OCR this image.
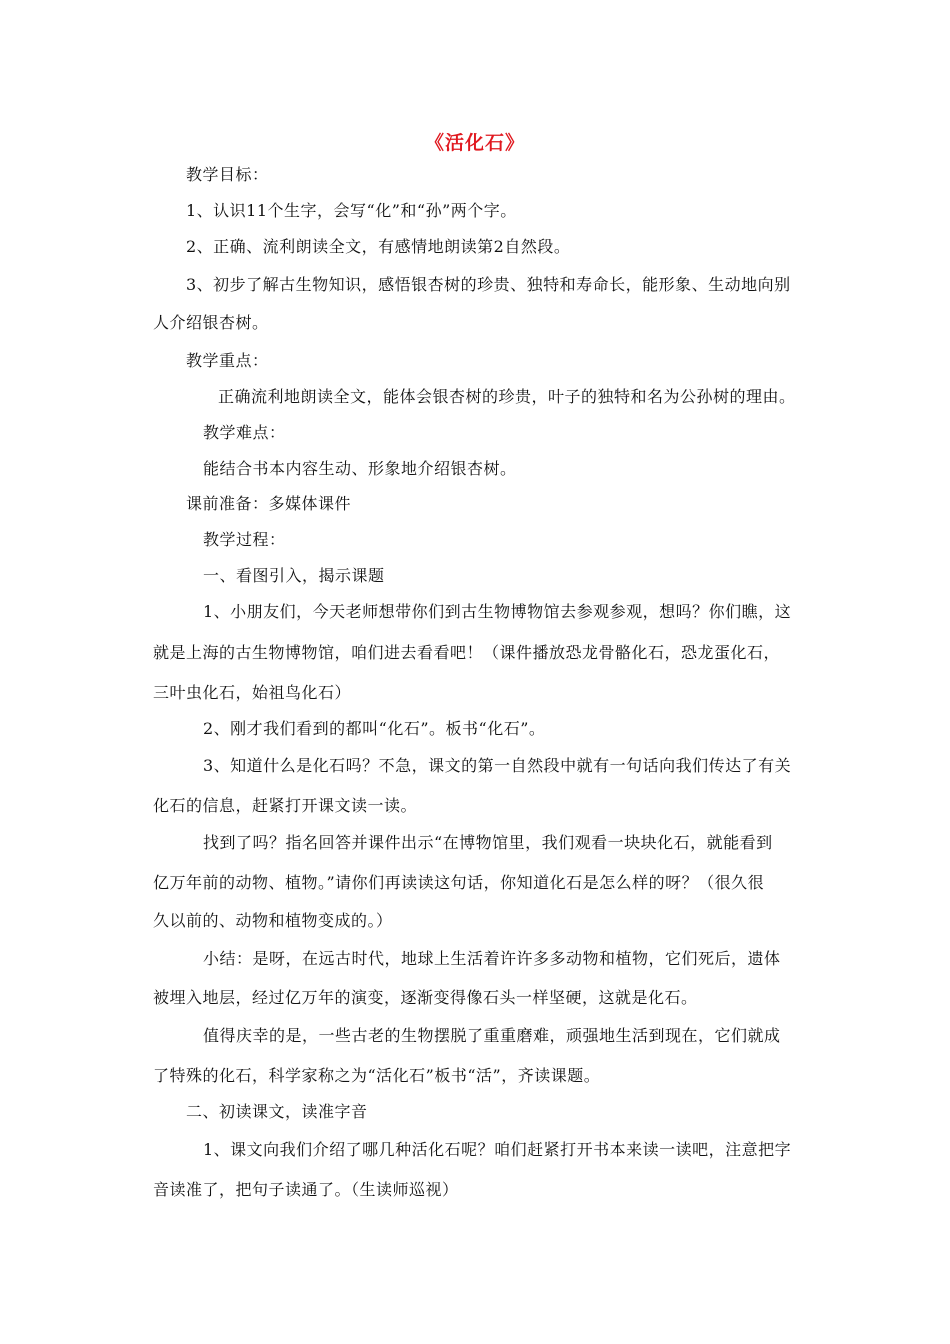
《活化石》
教学目标：
1、认识11个生字，会写“化”和“孙”两个字。
2、正确、流利朗读全文，有感情地朗读第2自然段。
3、初步了解古生物知识，感悟银杏树的珍贵、独特和寿命长，能形象、生动地向别
人介绍银杏树。
教学重点：
正确流利地朗读全文，能体会银杏树的珍贵，叶子的独特和名为公孙树的理由。
教学难点：
能结合书本内容生动、形象地介绍银杏树。
课前准备：多媒体课件
教学过程：
一、看图引入，揭示课题
1、小朋友们，今天老师想带你们到古生物博物馆去参观参观，想吗？你们瞧，这
就是上海的古生物博物馆，咱们进去看看吧！（课件播放恐龙骨骼化石，恐龙蛋化石，
三叶虫化石，始祖鸟化石）
2、刚才我们看到的都叫“化石”。板书“化石”。
3、知道什么是化石吗？不急，课文的第一自然段中就有一句话向我们传达了有关
化石的信息，赶紧打开课文读一读。
找到了吗？指名回答并课件出示“在博物馆里，我们观看一块块化石，就能看到
亿万年前的动物、植物。”请你们再读读这句话，你知道化石是怎么样的呀？（很久很
久以前的、动物和植物变成的。）
小结：是呀，在远古时代，地球上生活着许许多多动物和植物，它们死后，遗体
被埋入地层，经过亿万年的演变，逐渐变得像石头一样坚硬，这就是化石。
值得庆幸的是，一些古老的生物摆脱了重重磨难，顽强地生活到现在，它们就成
了特殊的化石，科学家称之为“活化石”板书“活”，齐读课题。
二、初读课文，读准字音
1、课文向我们介绍了哪几种活化石呢？咱们赶紧打开书本来读一读吧，注意把字
音读准了，把句子读通了。（生读师巡视）
